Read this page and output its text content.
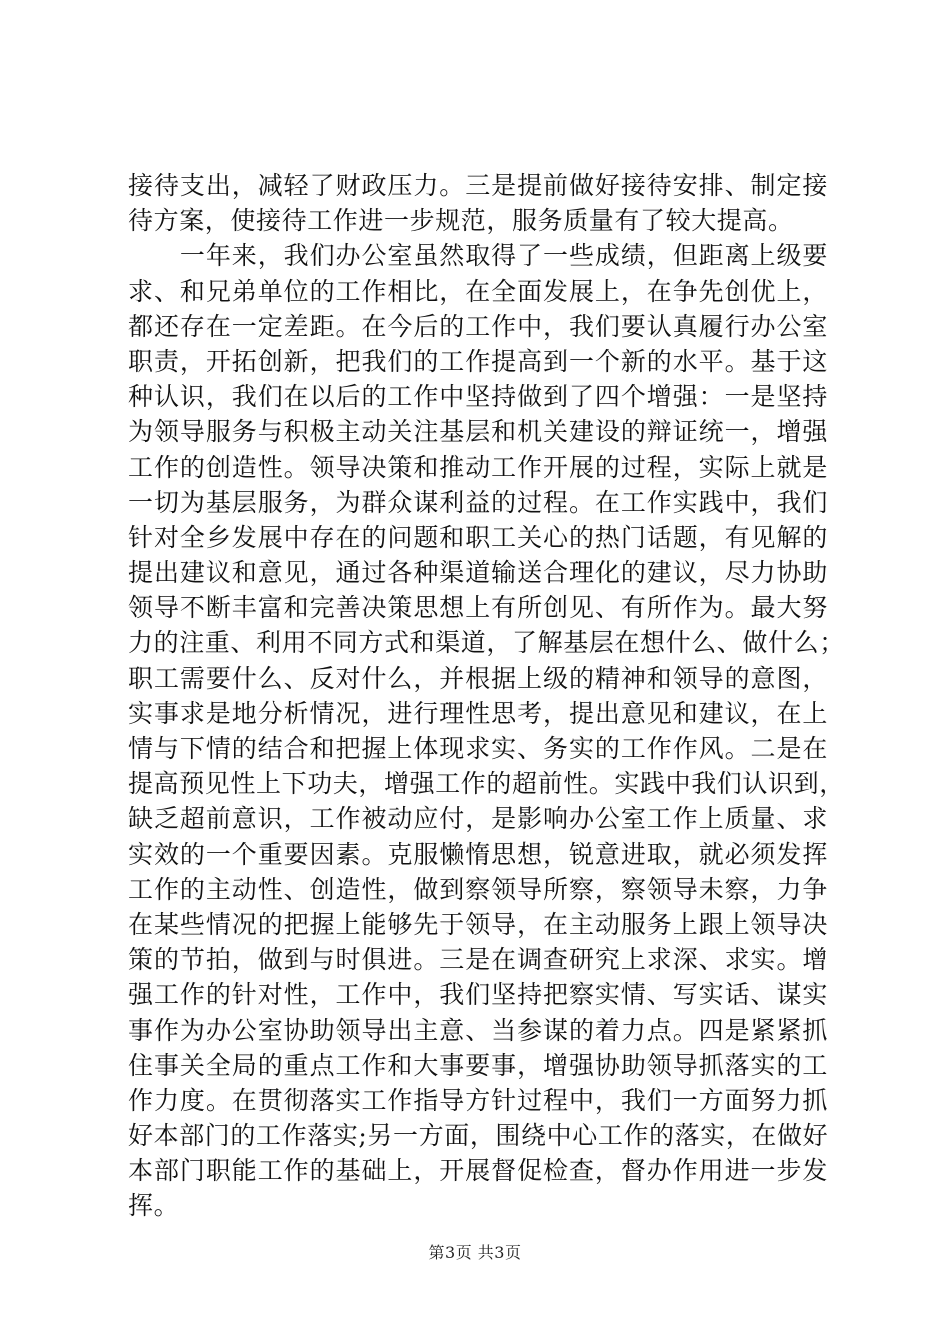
接待支出，减轻了财政压力。三是提前做好接待安排、制定接
待方案，使接待工作进一步规范，服务质量有了较大提高。
　　一年来，我们办公室虽然取得了一些成绩，但距离上级要
求、和兄弟单位的工作相比，在全面发展上，在争先创优上，
都还存在一定差距。在今后的工作中，我们要认真履行办公室
职责，开拓创新，把我们的工作提高到一个新的水平。基于这
种认识，我们在以后的工作中坚持做到了四个增强：一是坚持
为领导服务与积极主动关注基层和机关建设的辩证统一，增强
工作的创造性。领导决策和推动工作开展的过程，实际上就是
一切为基层服务，为群众谋利益的过程。在工作实践中，我们
针对全乡发展中存在的问题和职工关心的热门话题，有见解的
提出建议和意见，通过各种渠道输送合理化的建议，尽力协助
领导不断丰富和完善决策思想上有所创见、有所作为。最大努
力的注重、利用不同方式和渠道，了解基层在想什么、做什么；
职工需要什么、反对什么，并根据上级的精神和领导的意图，
实事求是地分析情况，进行理性思考，提出意见和建议，在上
情与下情的结合和把握上体现求实、务实的工作作风。二是在
提高预见性上下功夫，增强工作的超前性。实践中我们认识到，
缺乏超前意识，工作被动应付，是影响办公室工作上质量、求
实效的一个重要因素。克服懒惰思想，锐意进取，就必须发挥
工作的主动性、创造性，做到察领导所察，察领导未察，力争
在某些情况的把握上能够先于领导，在主动服务上跟上领导决
策的节拍，做到与时俱进。三是在调查研究上求深、求实。增
强工作的针对性，工作中，我们坚持把察实情、写实话、谋实
事作为办公室协助领导出主意、当参谋的着力点。四是紧紧抓
住事关全局的重点工作和大事要事，增强协助领导抓落实的工
作力度。在贯彻落实工作指导方针过程中，我们一方面努力抓
好本部门的工作落实;另一方面，围绕中心工作的落实，在做好
本部门职能工作的基础上，开展督促检查，督办作用进一步发
挥。
第3页 共3页
